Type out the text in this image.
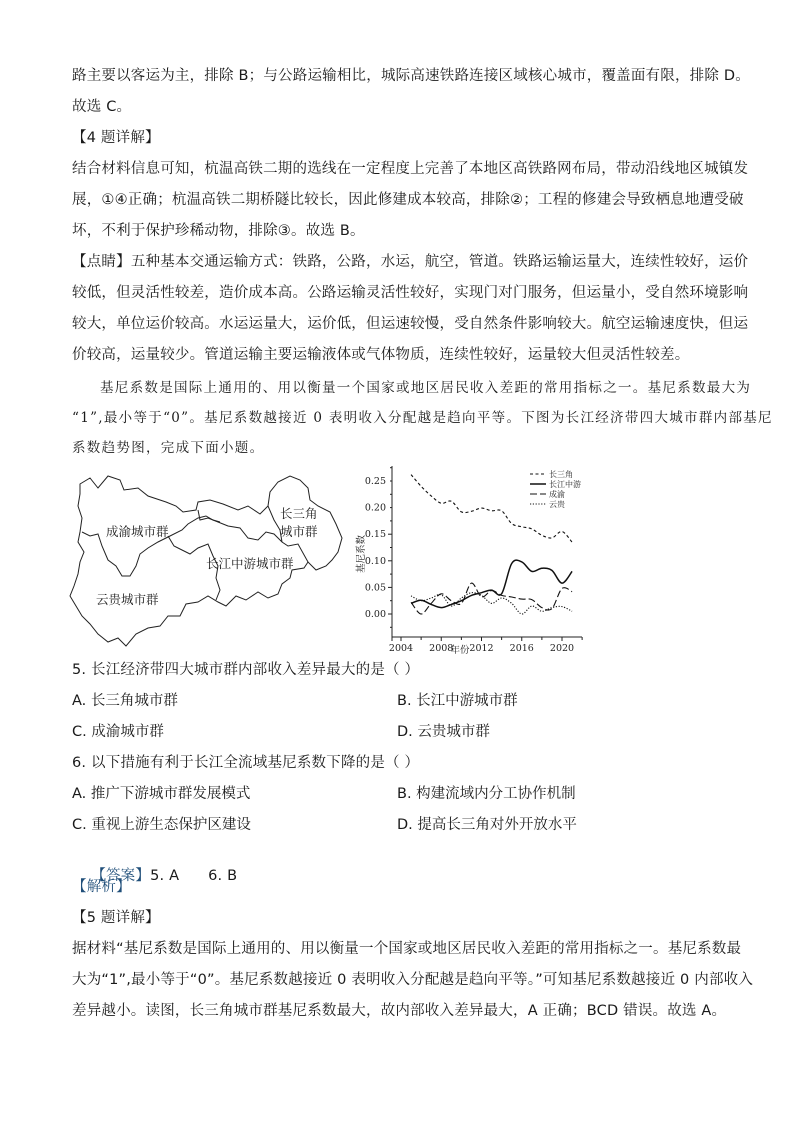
路主要以客运为主，排除 B；与公路运输相比，城际高速铁路连接区域核心城市，覆盖面有限，排除 D。
故选 C。
【4 题详解】
结合材料信息可知，杭温高铁二期的选线在一定程度上完善了本地区高铁路网布局，带动沿线地区城镇发
展，①④正确；杭温高铁二期桥隧比较长，因此修建成本较高，排除②；工程的修建会导致栖息地遭受破
坏，不利于保护珍稀动物，排除③。故选 B。
【点睛】五种基本交通运输方式：铁路，公路，水运，航空，管道。铁路运输运量大，连续性较好，运价
较低，但灵活性较差，造价成本高。公路运输灵活性较好，实现门对门服务，但运量小，受自然环境影响
较大，单位运价较高。水运运量大，运价低，但运速较慢，受自然条件影响较大。航空运输速度快，但运
价较高，运量较少。管道运输主要运输液体或气体物质，连续性较好，运量较大但灵活性较差。
基尼系数是国际上通用的、用以衡量一个国家或地区居民收入差距的常用指标之一。基尼系数最大为
“1”,最小等于“0”。基尼系数越接近 0 表明收入分配越是趋向平等。下图为长江经济带四大城市群内部基尼
系数趋势图，完成下面小题。
成渝城市群
长三角
城市群
长江中游城市群
云贵城市群
0.00
0.05
0.10
0.15
0.20
0.25
2004 2008 2012 2016 2020
长三角
长江中游
成渝
云贵
年份
基尼系数
5. 长江经济带四大城市群内部收入差异最大的是（ ）
A. 长三角城市群	B. 长江中游城市群
C. 成渝城市群	D. 云贵城市群
6. 以下措施有利于长江全流域基尼系数下降的是（ ）
A. 推广下游城市群发展模式	B. 构建流域内分工协作机制
C. 重视上游生态保护区建设	D. 提高长三角对外开放水平

【答案】5. A      6. B

【解析】
【5 题详解】
据材料“基尼系数是国际上通用的、用以衡量一个国家或地区居民收入差距的常用指标之一。基尼系数最
大为“1”,最小等于“0”。基尼系数越接近 0 表明收入分配越是趋向平等。”可知基尼系数越接近 0 内部收入
差异越小。读图，长三角城市群基尼系数最大，故内部收入差异最大，A 正确；BCD 错误。故选 A。
